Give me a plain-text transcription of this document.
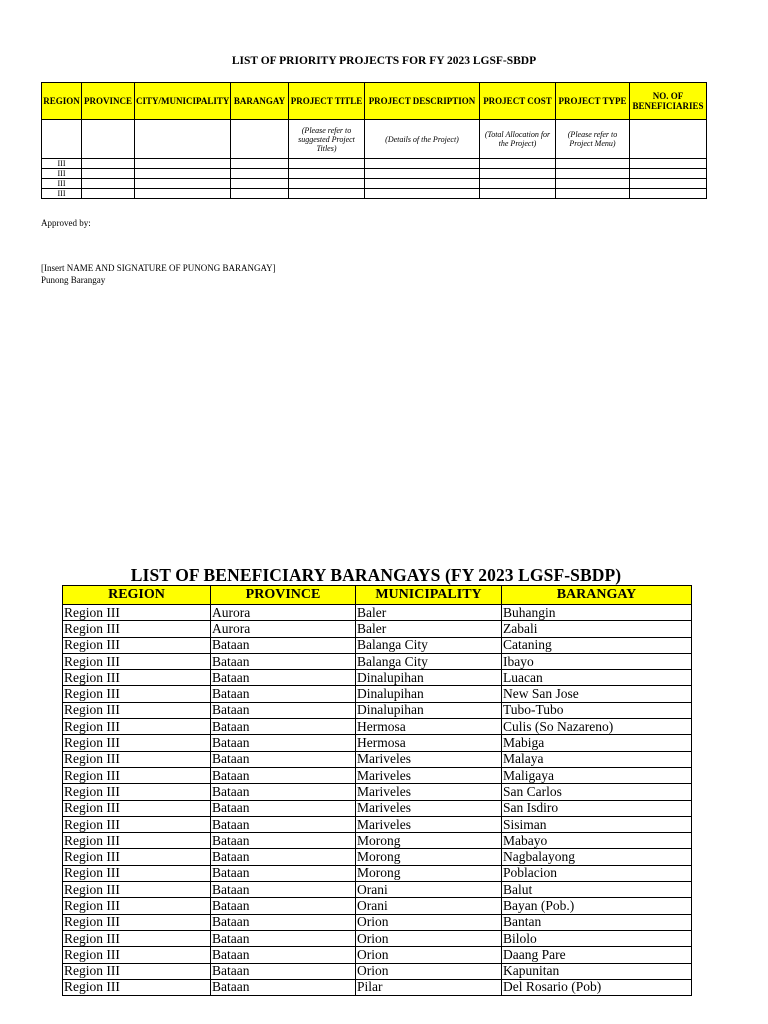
LIST OF PRIORITY PROJECTS FOR FY 2023 LGSF-SBDP
REGION	PROVINCE	CITY/MUNICIPALITY	BARANGAY	PROJECT TITLE	PROJECT DESCRIPTION	PROJECT COST	PROJECT TYPE	NO. OF BENEFICIARIES
				(Please refer to suggested Project Titles)	(Details of the Project)	(Total Allocation for the Project)	(Please refer to Project Menu)	
III								
III								
III								
III								
Approved by:
[Insert NAME AND SIGNATURE OF PUNONG BARANGAY]
Punong Barangay
LIST OF BENEFICIARY BARANGAYS (FY 2023 LGSF-SBDP)
REGION	PROVINCE	MUNICIPALITY	BARANGAY
Region III	Aurora	Baler	Buhangin
Region III	Aurora	Baler	Zabali
Region III	Bataan	Balanga City	Cataning
Region III	Bataan	Balanga City	Ibayo
Region III	Bataan	Dinalupihan	Luacan
Region III	Bataan	Dinalupihan	New San Jose
Region III	Bataan	Dinalupihan	Tubo-Tubo
Region III	Bataan	Hermosa	Culis (So Nazareno)
Region III	Bataan	Hermosa	Mabiga
Region III	Bataan	Mariveles	Malaya
Region III	Bataan	Mariveles	Maligaya
Region III	Bataan	Mariveles	San Carlos
Region III	Bataan	Mariveles	San Isdiro
Region III	Bataan	Mariveles	Sisiman
Region III	Bataan	Morong	Mabayo
Region III	Bataan	Morong	Nagbalayong
Region III	Bataan	Morong	Poblacion
Region III	Bataan	Orani	Balut
Region III	Bataan	Orani	Bayan (Pob.)
Region III	Bataan	Orion	Bantan
Region III	Bataan	Orion	Bilolo
Region III	Bataan	Orion	Daang Pare
Region III	Bataan	Orion	Kapunitan
Region III	Bataan	Pilar	Del Rosario (Pob)
